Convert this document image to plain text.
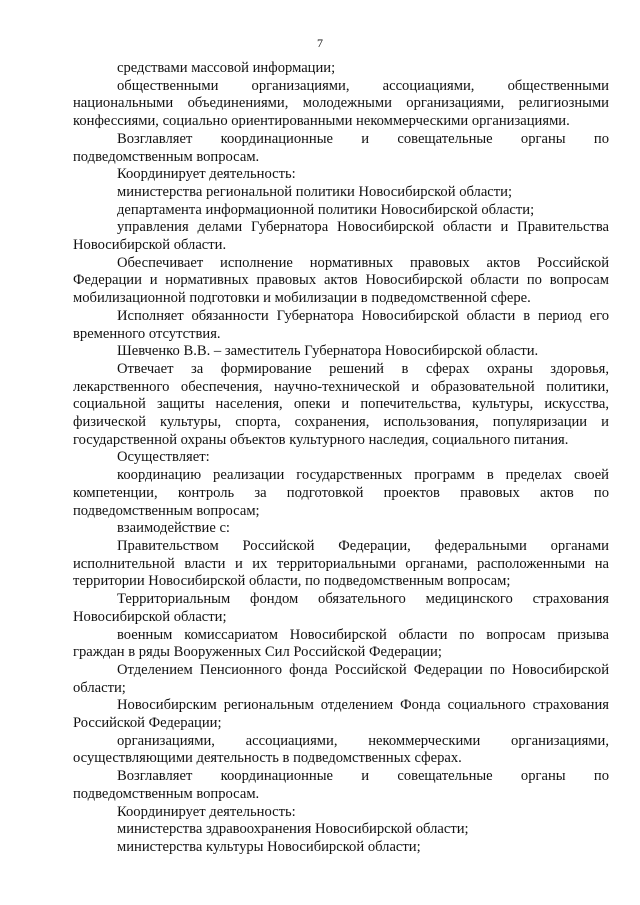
7

средствами массовой информации;

общественными организациями, ассоциациями, общественными национальными объединениями, молодежными организациями, религиозными конфессиями, социально ориентированными некоммерческими организациями.

Возглавляет координационные и совещательные органы по подведомственным вопросам.

Координирует деятельность:

министерства региональной политики Новосибирской области;

департамента информационной политики Новосибирской области;

управления делами Губернатора Новосибирской области и Правительства Новосибирской области.

Обеспечивает исполнение нормативных правовых актов Российской Федерации и нормативных правовых актов Новосибирской области по вопросам мобилизационной подготовки и мобилизации в подведомственной сфере.

Исполняет обязанности Губернатора Новосибирской области в период его временного отсутствия.

Шевченко В.В. – заместитель Губернатора Новосибирской области.

Отвечает за формирование решений в сферах охраны здоровья, лекарственного обеспечения, научно-технической и образовательной политики, социальной защиты населения, опеки и попечительства, культуры, искусства, физической культуры, спорта, сохранения, использования, популяризации и государственной охраны объектов культурного наследия, социального питания.

Осуществляет:

координацию реализации государственных программ в пределах своей компетенции, контроль за подготовкой проектов правовых актов по подведомственным вопросам;

взаимодействие с:

Правительством Российской Федерации, федеральными органами исполнительной власти и их территориальными органами, расположенными на территории Новосибирской области, по подведомственным вопросам;

Территориальным фондом обязательного медицинского страхования Новосибирской области;

военным комиссариатом Новосибирской области по вопросам призыва граждан в ряды Вооруженных Сил Российской Федерации;

Отделением Пенсионного фонда Российской Федерации по Новосибирской области;

Новосибирским региональным отделением Фонда социального страхования Российской Федерации;

организациями, ассоциациями, некоммерческими организациями, осуществляющими деятельность в подведомственных сферах.

Возглавляет координационные и совещательные органы по подведомственным вопросам.

Координирует деятельность:

министерства здравоохранения Новосибирской области;

министерства культуры Новосибирской области;
